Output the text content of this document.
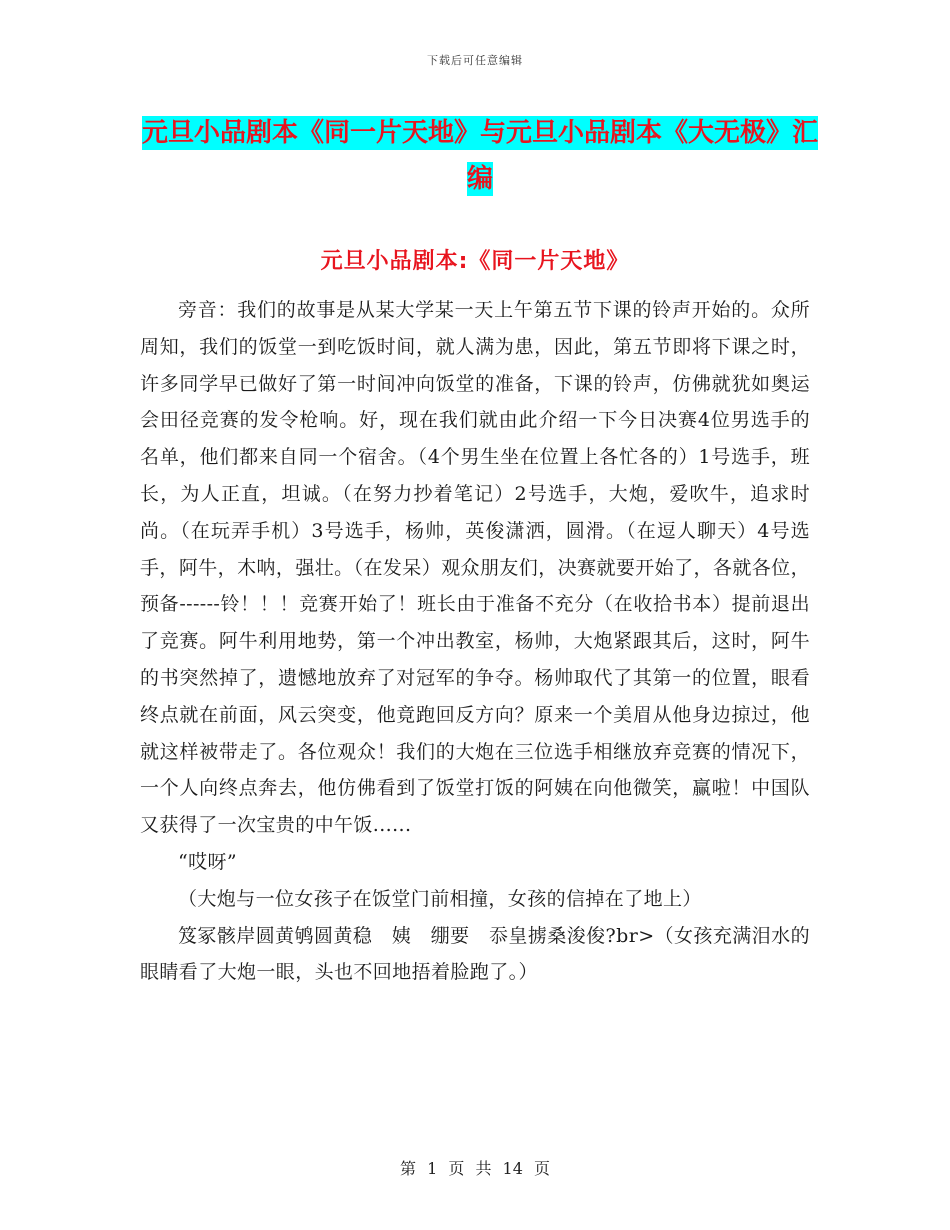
下载后可任意编辑
元旦小品剧本《同一片天地》与元旦小品剧本《大无极》汇编
元旦小品剧本:《同一片天地》

旁音：我们的故事是从某大学某一天上午第五节下课的铃声开始的。众所周知，我们的饭堂一到吃饭时间，就人满为患，因此，第五节即将下课之时，许多同学早已做好了第一时间冲向饭堂的准备，下课的铃声，仿佛就犹如奥运会田径竞赛的发令枪响。好，现在我们就由此介绍一下今日决赛4位男选手的名单，他们都来自同一个宿舍。（4个男生坐在位置上各忙各的）1号选手，班长，为人正直，坦诚。（在努力抄着笔记）2号选手，大炮，爱吹牛，追求时尚。（在玩弄手机）3号选手，杨帅，英俊潇洒，圆滑。（在逗人聊天）4号选手，阿牛，木呐，强壮。（在发呆）观众朋友们，决赛就要开始了，各就各位，预备------铃！！！竞赛开始了！班长由于准备不充分（在收拾书本）提前退出了竞赛。阿牛利用地势，第一个冲出教室，杨帅，大炮紧跟其后，这时，阿牛的书突然掉了，遗憾地放弃了对冠军的争夺。杨帅取代了其第一的位置，眼看终点就在前面，风云突变，他竟跑回反方向？原来一个美眉从他身边掠过，他就这样被带走了。各位观众！我们的大炮在三位选手相继放弃竞赛的情况下，一个人向终点奔去，他仿佛看到了饭堂打饭的阿姨在向他微笑，赢啦！中国队又获得了一次宝贵的中午饭......

“哎呀”

（大炮与一位女孩子在饭堂门前相撞，女孩的信掉在了地上）

笈冢骸岸圆黄鸲圆黄稳　姨　绷要　忝皇掳桑浚俊?br>（女孩充满泪水的眼睛看了大炮一眼，头也不回地捂着脸跑了。）

第 1 页 共 14 页
